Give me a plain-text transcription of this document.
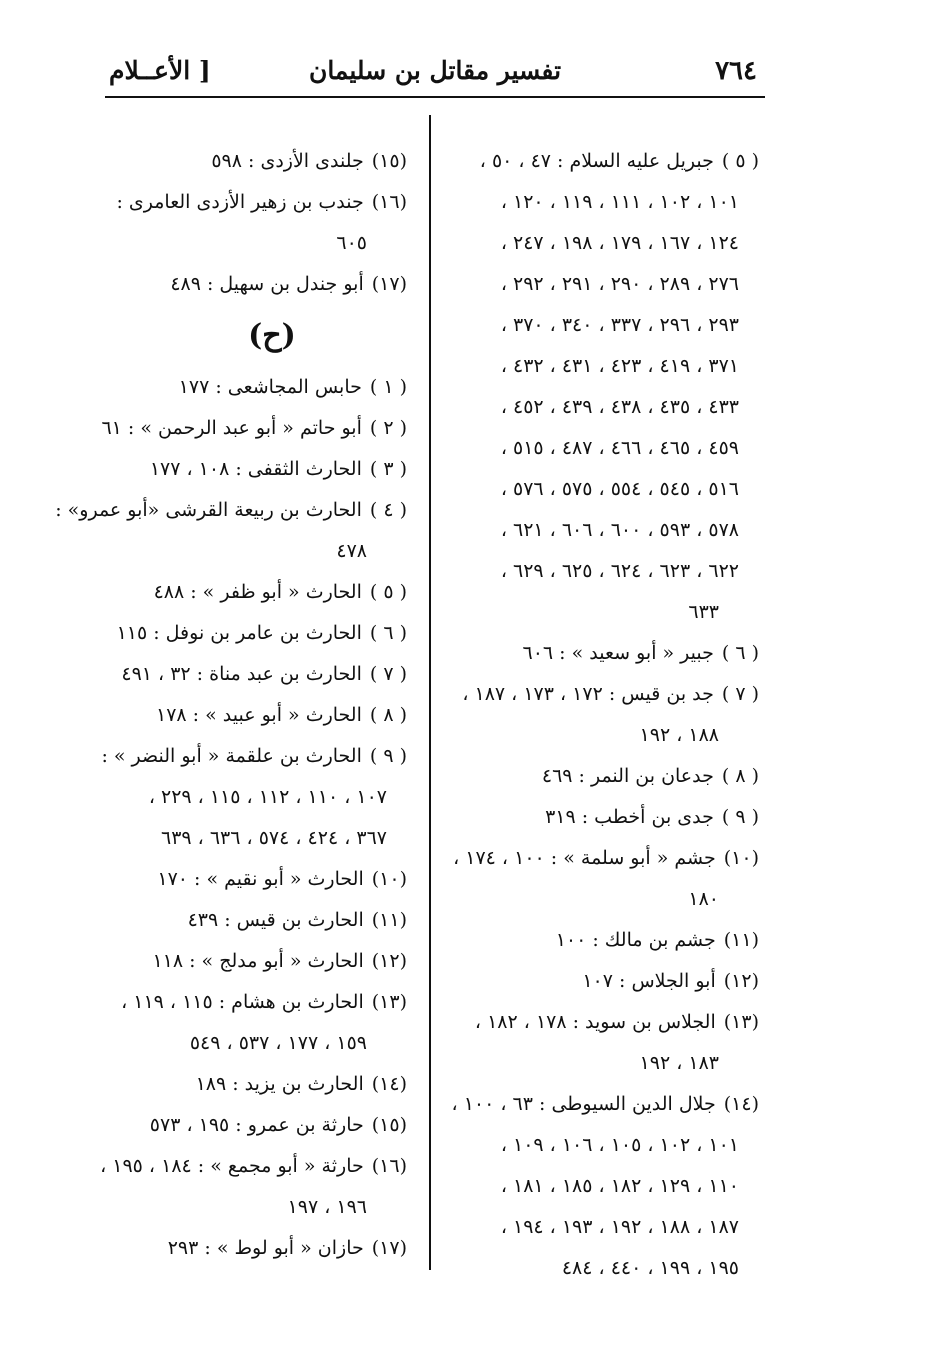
٧٦٤
تفسير مقاتل بن سليمان
[ الأعــلام
( ٥ )جبريل عليه السلام : ٤٧ ، ٥٠ ،
١٠١ ، ١٠٢ ، ١١١ ، ١١٩ ، ١٢٠ ،
١٢٤ ، ١٦٧ ، ١٧٩ ، ١٩٨ ، ٢٤٧ ،
٢٧٦ ، ٢٨٩ ، ٢٩٠ ، ٢٩١ ، ٢٩٢ ،
٢٩٣ ، ٢٩٦ ، ٣٣٧ ، ٣٤٠ ، ٣٧٠ ،
٣٧١ ، ٤١٩ ، ٤٢٣ ، ٤٣١ ، ٤٣٢ ،
٤٣٣ ، ٤٣٥ ، ٤٣٨ ، ٤٣٩ ، ٤٥٢ ،
٤٥٩ ، ٤٦٥ ، ٤٦٦ ، ٤٨٧ ، ٥١٥ ،
٥١٦ ، ٥٤٥ ، ٥٥٤ ، ٥٧٥ ، ٥٧٦ ،
٥٧٨ ، ٥٩٣ ، ٦٠٠ ، ٦٠٦ ، ٦٢١ ،
٦٢٢ ، ٦٢٣ ، ٦٢٤ ، ٦٢٥ ، ٦٢٩ ،
٦٣٣
( ٦ )جبير « أبو سعيد » : ٦٠٦
( ٧ )جد بن قيس : ١٧٢ ، ١٧٣ ، ١٨٧ ،
١٨٨ ، ١٩٢
( ٨ )جدعان بن النمر : ٤٦٩
( ٩ )جدى بن أخطب : ٣١٩
(١٠)جشم « أبو سلمة » : ١٠٠ ، ١٧٤ ،
١٨٠
(١١)جشم بن مالك : ١٠٠
(١٢)أبو الجلاس : ١٠٧
(١٣)الجلاس بن سويد : ١٧٨ ، ١٨٢ ،
١٨٣ ، ١٩٢
(١٤)جلال الدين السيوطى : ٦٣ ، ١٠٠ ،
١٠١ ، ١٠٢ ، ١٠٥ ، ١٠٦ ، ١٠٩ ،
١١٠ ، ١٢٩ ، ١٨٢ ، ١٨٥ ، ١٨١ ،
١٨٧ ، ١٨٨ ، ١٩٢ ، ١٩٣ ، ١٩٤ ،
١٩٥ ، ١٩٩ ، ٤٤٠ ، ٤٨٤
(١٥)جلندى الأزدى : ٥٩٨
(١٦)جندب بن زهير الأزدى العامرى :
٦٠٥
(١٧)أبو جندل بن سهيل : ٤٨٩
(ح)
( ١ )حابس المجاشعى : ١٧٧
( ٢ )أبو حاتم « أبو عبد الرحمن » : ٦١
( ٣ )الحارث الثقفى : ١٠٨ ، ١٧٧
( ٤ )الحارث بن ربيعة القرشى «أبو عمرو» :
٤٧٨
( ٥ )الحارث « أبو ظفر » : ٤٨٨
( ٦ )الحارث بن عامر بن نوفل : ١١٥
( ٧ )الحارث بن عبد مناة : ٣٢ ، ٤٩١
( ٨ )الحارث « أبو عبيد » : ١٧٨
( ٩ )الحارث بن علقمة « أبو النضر » :
١٠٧ ، ١١٠ ، ١١٢ ، ١١٥ ، ٢٢٩ ،
٣٦٧ ، ٤٢٤ ، ٥٧٤ ، ٦٣٦ ، ٦٣٩
(١٠)الحارث « أبو نقيم » : ١٧٠
(١١)الحارث بن قيس : ٤٣٩
(١٢)الحارث « أبو مدلج » : ١١٨
(١٣)الحارث بن هشام : ١١٥ ، ١١٩ ،
١٥٩ ، ١٧٧ ، ٥٣٧ ، ٥٤٩
(١٤)الحارث بن يزيد : ١٨٩
(١٥)حارثة بن عمرو : ١٩٥ ، ٥٧٣
(١٦)حارثة « أبو مجمع » : ١٨٤ ، ١٩٥ ،
١٩٦ ، ١٩٧
(١٧)حازان « أبو لوط » : ٢٩٣
